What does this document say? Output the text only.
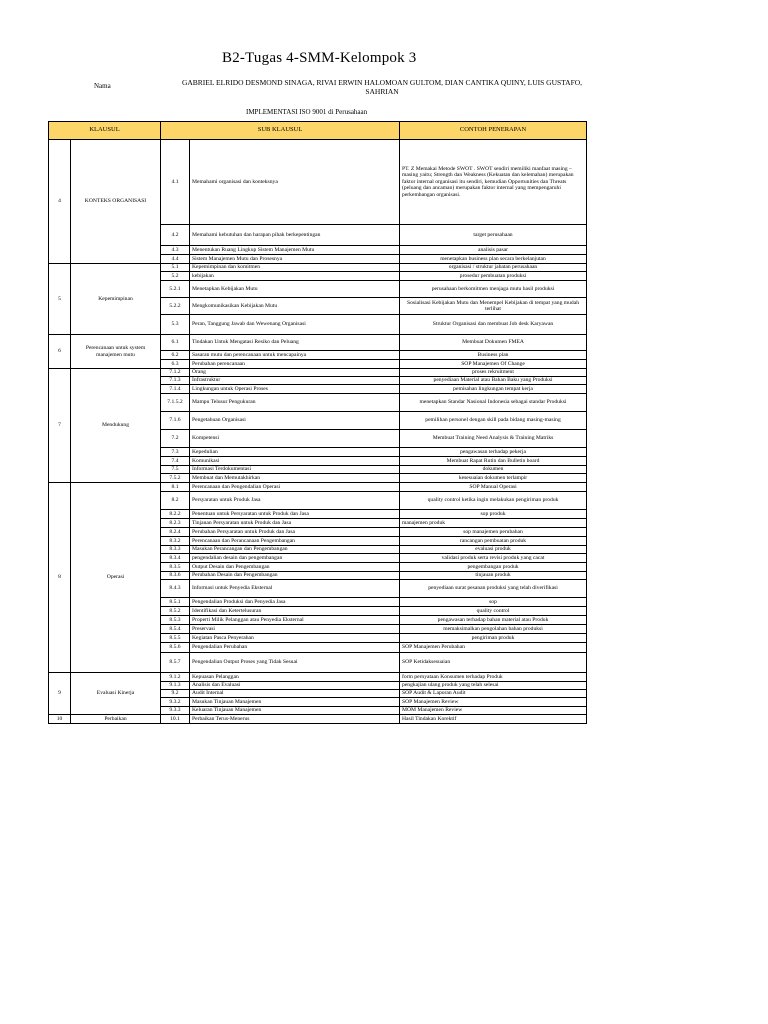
B2-Tugas 4-SMM-Kelompok 3
Nama	GABRIEL ELRIDO DESMOND SINAGA, RIVAI ERWIN HALOMOAN GULTOM, DIAN CANTIKA QUINY, LUIS GUSTAFO, SAHRIAN
IMPLEMENTASI ISO 9001 di Perusahaan
KLAUSUL		SUB KLAUSUL		CONTOH PENERAPAN
4	KONTEKS ORGANISASI	4.1	Memahami organisasi dan konteksnya	PT. Z Memakai Metode SWOT . SWOT sendiri memiliki manfaat masing – masing yaitu; Strength dan Weakness (Kekuatan dan kelemahan) merupakan faktor internal organisasi itu sendiri, kemudian Opportunities dan Threats (peluang dan ancaman) merupakan faktor internal yang mempengaruhi perkembangan organisasi.
		4.2	Memahami kebutuhan dan harapan pihak berkepentingan	target perusahaan
		4.3	Menentukan Ruang Lingkup Sistem Manajemen Mutu	analisis pasar
		4.4	Sistem Manajemen Mutu dan Prosesnya	menetapkan business plan secara berkelanjutan
5	Kepemimpinan	5.1	Kepemimpinan dan komitmen	organisasi / struktur jabatan perusahaan
		5.2	kebijakan	prosedur pembuatan produksi
		5.2.1	Menetapkan Kebijakan Mutu	perusahaan berkomitmen menjaga mutu hasil produksi
		5.2.2	Mengkomunikasikan Kebijakan Mutu	Sosialisasi Kebijakan Mutu dan Menempel Kebijakan di tempat yang mudah terlihat
		5.3	Peran, Tanggung Jawab dan Wewenang Organisasi	Struktur Organisasi dan membuat Job desk Karyawan
6	Perencanaan untuk system manajemen mutu	6.1	Tindakan Untuk Mengatasi Resiko dan Peluang	Membuat Dokumen FMEA
		6.2	Sasaran mutu dan perencanaan untuk mencapainya	Business plan
		6.3	Perubahan perencanaan	SOP Manajemen Of Change
7	Mendukung	7.1.2	Orang	proses rekruitment
		7.1.3	Infrastruktur	penyediaan Material atau Bahan Baku yang Produksi
		7.1.4	Lingkungan untuk Operasi Proses	pemisahan lingkungan tempat kerja
		7.1.5.2	Mampu Telusur Pengukuran	menetapkan Standar Nasional Indonesia sebagai standar Produksi
		7.1.6	Pengetahuan Organisasi	pemilihan personel dengan skill pada bidang masing-masing
		7.2	Kompetensi	Membuat Training Need Analysis & Training Matriks
		7.3	Kepedulian	pengawasan terhadap pekerja
		7.4	Komunikasi	Membuat Rapat Rutin dan Bulletin board
		7.5	Informasi Terdokumentasi	dokumen
		7.5.2	Membuat dan Memutakhirkan	kesesuaian dokumen terlampir
8	Operasi	8.1	Perencanaan dan Pengendalian Operasi	SOP Manual Operasi
		8.2	Persyaratan untuk Produk Jasa	quality control ketika ingin melakukan pengiriman produk
		8.2.2	Penentuan untuk Persyaratan untuk Produk dan Jasa	sop produk
		8.2.3	Tinjauan Persyaratan untuk Produk dan Jasa	manajemen produk
		8.2.4	Perubahan Persyaratan untuk Produk dan Jasa	sop manajemen perubahan
		8.3.2	Perencanaan dan Perancanaan Pengembangan	rancangan pembuatan produk
		8.3.3	Masukan Perancangan dan Pengembangan	evaluasi produk
		8.3.4	pengendalian desain dan pengembangan	validasi produk serta revisi produk yang cacat
		8.3.5	Output Desain dan Pengembangan	pengembangan produk
		8.3.6	Perubahan Desain dan Pengembangan	tinjauan produk
		8.4.3	Informasi untuk Penyedia Eksternal	penyediaan surat pesanan produksi yang telah diverifikasi
		8.5.1	Pengendalian Produksi dan Penyedia Jasa	sop
		8.5.2	Identifikasi dan Ketertelusuran	quality control
		8.5.3	Properti Milik Pelanggan atau Penyedia Eksternal	pengawasan terhadap bahan material atau Produk
		8.5.4	Preservasi	memaksimalkan pengolahan bahan produksi
		8.5.5	Kegiatan Pasca Penyerahan	pengiriman produk
		8.5.6	Pengendalian Perubahan	SOP Manajemen Perubahan
		8.5.7	Pengendalian Output Proses yang Tidak Sesuai	SOP Ketidaksesuaian
9	Evaluasi Kinerja	9.1.2	Kepuasan Pelanggan	form pernyataan Konsumen terhadap Produk
		9.1.3	Analisis dan Evaluasi	pengkajian ulang produk yang telah selesai
		9.2	Audit Internal	SOP Audit & Laporan Audit
		9.3.2	Masukan Tinjauan Manajemen	SOP Manajemen Review
		9.3.3	Keluaran Tinjauan Manajemen	MOM Manajemen Review
10	Perbaikan	10.1	Perbaikan Terus-Menerus	Hasil Tindakan Korektif
